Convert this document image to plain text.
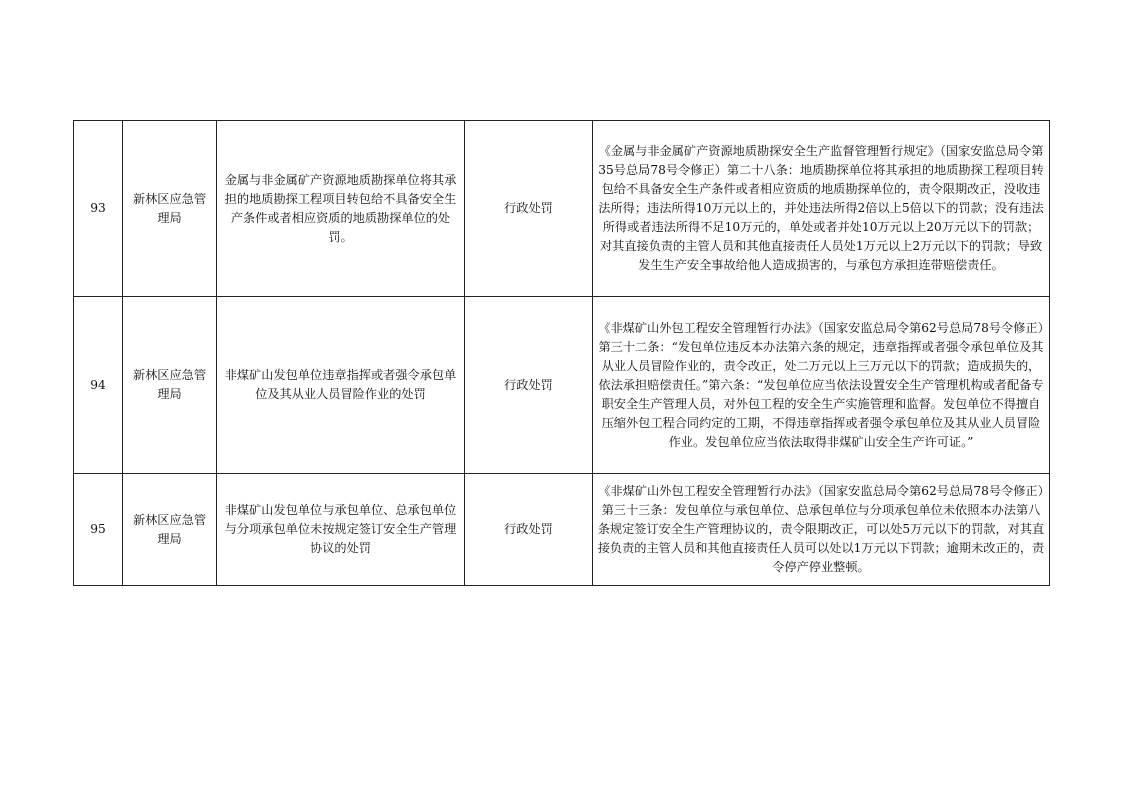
93	新林区应急管理局	金属与非金属矿产资源地质勘探单位将其承担的地质勘探工程项目转包给不具备安全生产条件或者相应资质的地质勘探单位的处罚。	行政处罚	《金属与非金属矿产资源地质勘探安全生产监督管理暂行规定》（国家安监总局令第35号总局78号令修正）第二十八条：地质勘探单位将其承担的地质勘探工程项目转包给不具备安全生产条件或者相应资质的地质勘探单位的，责令限期改正，没收违法所得；违法所得10万元以上的，并处违法所得2倍以上5倍以下的罚款；没有违法所得或者违法所得不足10万元的，单处或者并处10万元以上20万元以下的罚款；对其直接负责的主管人员和其他直接责任人员处1万元以上2万元以下的罚款；导致发生生产安全事故给他人造成损害的，与承包方承担连带赔偿责任。
94	新林区应急管理局	非煤矿山发包单位违章指挥或者强令承包单位及其从业人员冒险作业的处罚	行政处罚	《非煤矿山外包工程安全管理暂行办法》（国家安监总局令第62号总局78号令修正）第三十二条：“发包单位违反本办法第六条的规定，违章指挥或者强令承包单位及其从业人员冒险作业的，责令改正，处二万元以上三万元以下的罚款；造成损失的，依法承担赔偿责任。”第六条：“发包单位应当依法设置安全生产管理机构或者配备专职安全生产管理人员，对外包工程的安全生产实施管理和监督。发包单位不得擅自压缩外包工程合同约定的工期，不得违章指挥或者强令承包单位及其从业人员冒险作业。发包单位应当依法取得非煤矿山安全生产许可证。”
95	新林区应急管理局	非煤矿山发包单位与承包单位、总承包单位与分项承包单位未按规定签订安全生产管理协议的处罚	行政处罚	《非煤矿山外包工程安全管理暂行办法》（国家安监总局令第62号总局78号令修正）第三十三条：发包单位与承包单位、总承包单位与分项承包单位未依照本办法第八条规定签订安全生产管理协议的，责令限期改正，可以处5万元以下的罚款，对其直接负责的主管人员和其他直接责任人员可以处以1万元以下罚款；逾期未改正的，责令停产停业整顿。
